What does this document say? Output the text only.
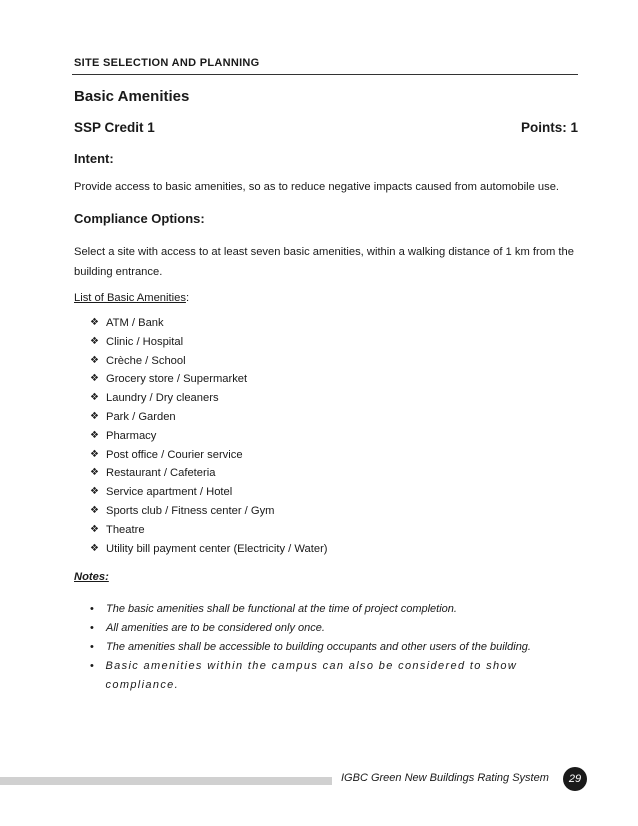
SITE SELECTION AND PLANNING
Basic Amenities
SSP Credit 1	Points: 1
Intent:
Provide access to basic amenities, so as to reduce negative impacts caused from automobile use.
Compliance Options:
Select a site with access to at least seven basic amenities, within a walking distance of 1 km from the building entrance.
List of Basic Amenities:
❖ ATM / Bank
❖ Clinic / Hospital
❖ Crèche / School
❖ Grocery store / Supermarket
❖ Laundry / Dry cleaners
❖ Park / Garden
❖ Pharmacy
❖ Post office / Courier service
❖ Restaurant / Cafeteria
❖ Service apartment / Hotel
❖ Sports club / Fitness center / Gym
❖ Theatre
❖ Utility bill payment center (Electricity / Water)
Notes:
•	The basic amenities shall be functional at the time of project completion.
•	All amenities are to be considered only once.
•	The amenities shall be accessible to building occupants and other users of the building.
• Basic amenities within the campus can also be considered to show compliance.
IGBC Green New Buildings Rating System	29
